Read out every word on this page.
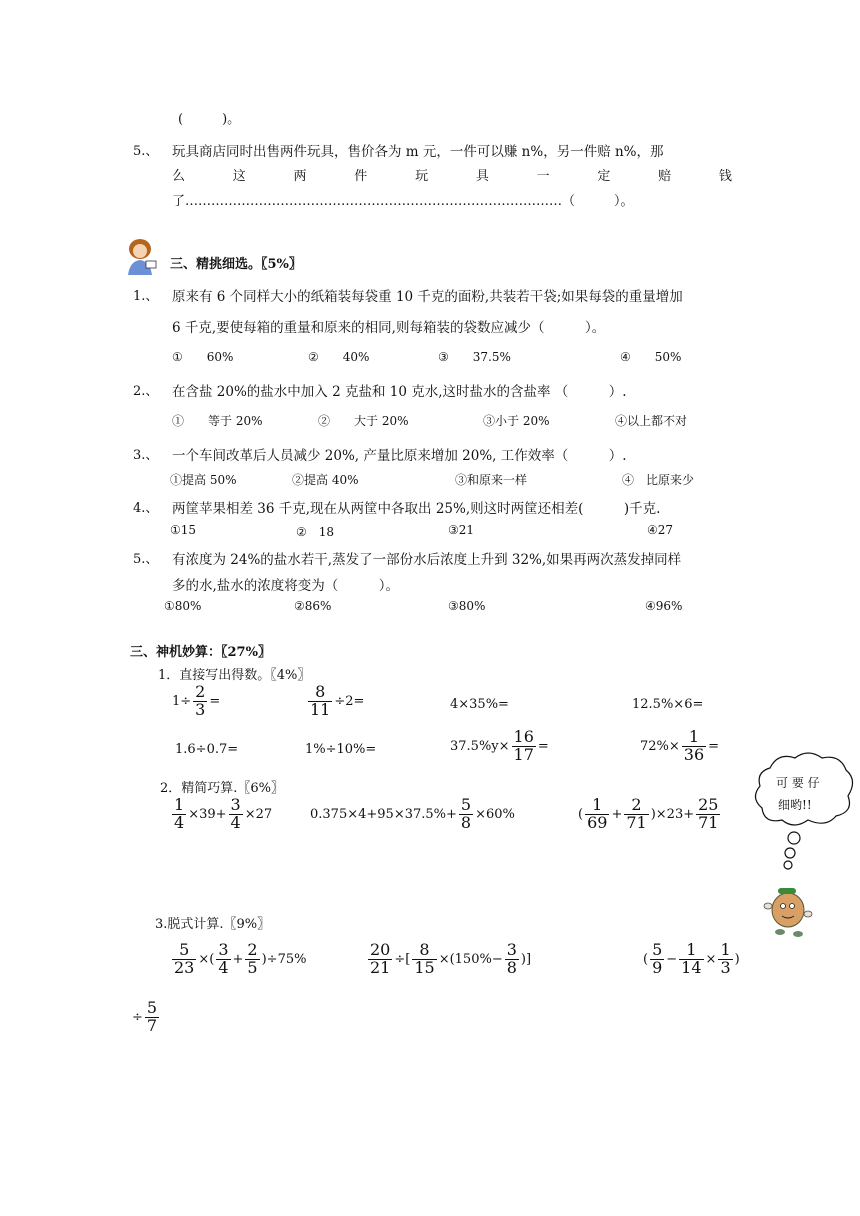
(　　　)。
5.、 玩具商店同时出售两件玩具，售价各为 m 元，一件可以赚 n%，另一件赔 n%，那
么	这	两	件	玩	具	一	定	赔	钱
了……………………………………………………………………………（　　　）。
三、精挑细选。〖5%〗
1.、 原来有 6 个同样大小的纸箱装每袋重 10 千克的面粉,共装若干袋;如果每袋的重量增加
6 千克,要使每箱的重量和原来的相同,则每箱装的袋数应减少（　　　）。
①　　60%	②　　40%	③　　37.5%	④　　50%
2.、 在含盐 20%的盐水中加入 2 克盐和 10 克水,这时盐水的含盐率 （　　　）.
①　　等于 20%	②　　大于 20%	③小于 20%	④以上都不对
3.、 一个车间改革后人员减少 20%, 产量比原来增加 20%, 工作效率（　　　）.
①提高 50%	②提高 40%	③和原来一样	④　比原来少
4.、 两筐苹果相差 36 千克,现在从两筐中各取出 25%,则这时两筐还相差(　　　)千克.
①15	②　18	③21	④27
5.、 有浓度为 24%的盐水若干,蒸发了一部份水后浓度上升到 32%,如果再两次蒸发掉同样
多的水,盐水的浓度将变为（　　　）。
①80%	②86%	③80%	④96%
三、神机妙算：〖27%〗
1．直接写出得数。〖4%〗
$1\div \frac{2}{3}$ =	$\frac{8}{11} \div 2=$	4×35%=	12.5%×6=
1.6÷0.7=	1%÷10%=	$37.5\%y\times \frac{16}{17}$ =	$72\%\times \frac{1}{36}$ =
2．精简巧算.〖6%〗
$\frac{1}{4} \times 39+ \frac{3}{4} \times 27$	$0.375\times 4+95\times 37.5\%+ \frac{5}{8} \times 60\%$	( $\frac{1}{69} + \frac{2}{71} )\times 23+ \frac{25}{71}$
可 要 仔
细哟!!
3.脱式计算.〖9%〗
$\frac{5}{23}$ ×( $\frac{3}{4} + \frac{2}{5} )\div 75\%$	$\frac{20}{21}$ ÷[ $\frac{8}{15} \times(150\%- \frac{3}{8}$ )]	( $\frac{5}{9} - \frac{1}{14} \times \frac{1}{3}$ )
÷ $\frac{5}{7}$
